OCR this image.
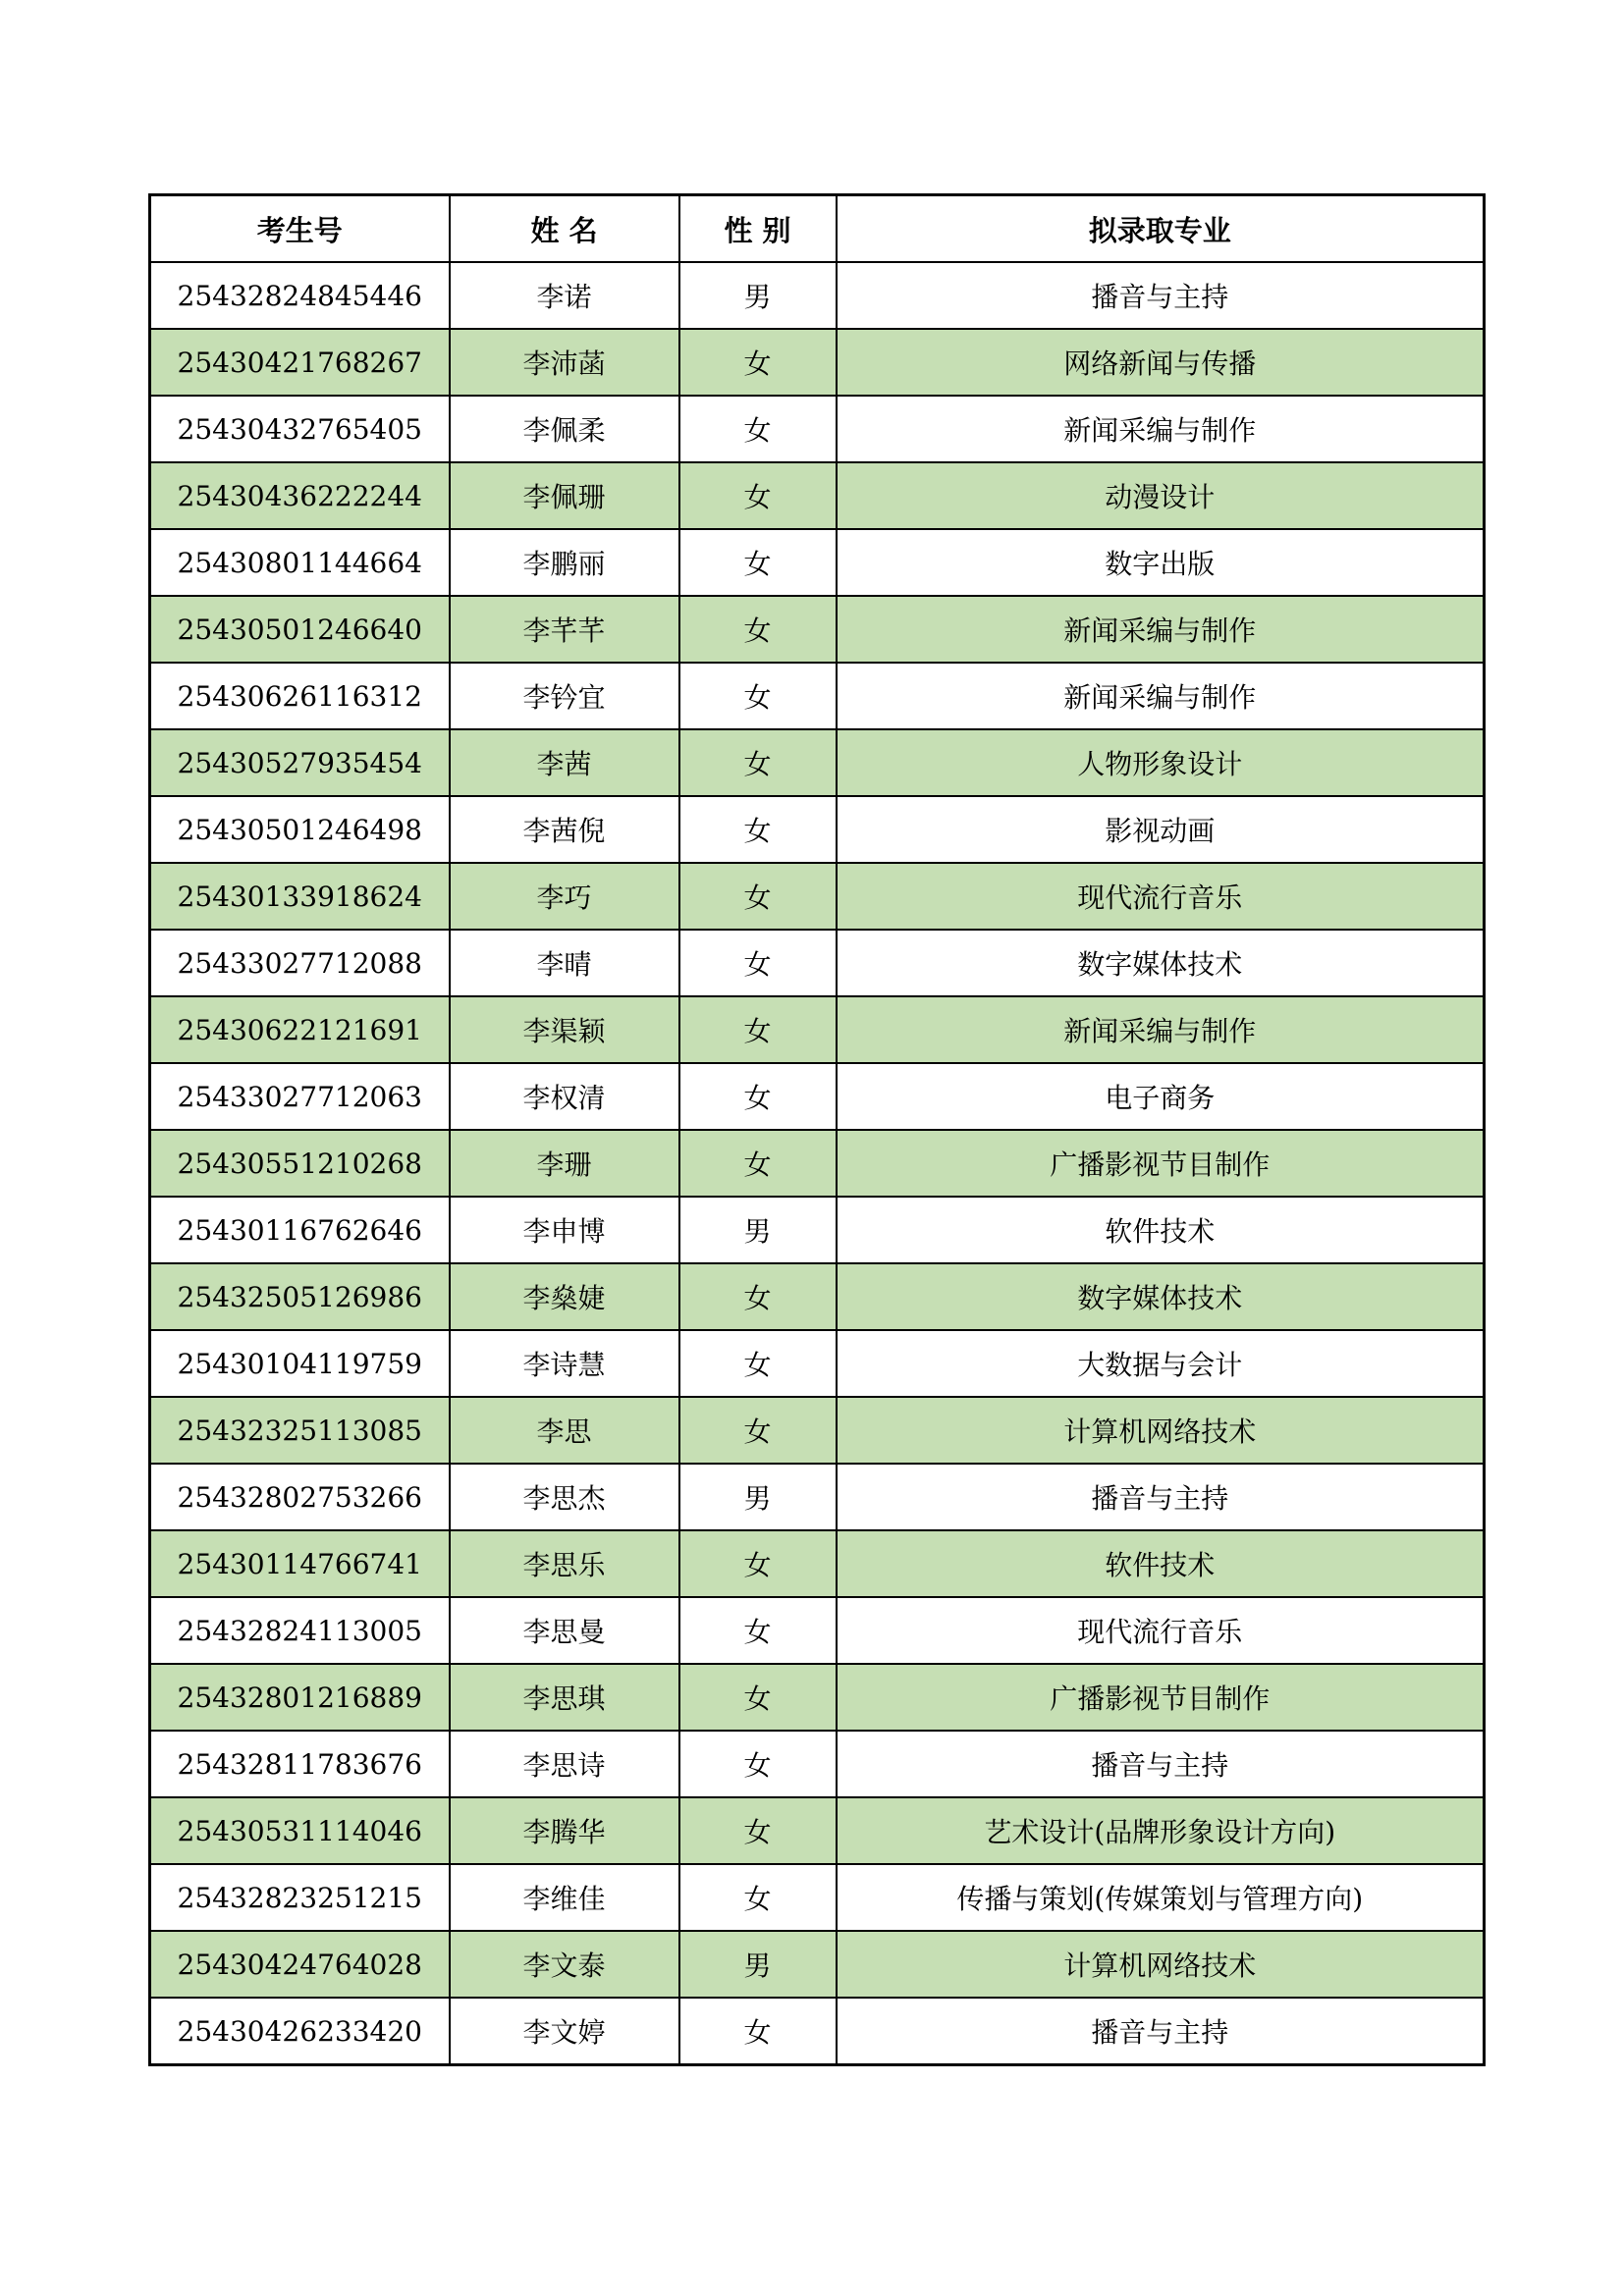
考生号	姓 名	性 别	拟录取专业
25432824845446	李诺	男	播音与主持
25430421768267	李沛菡	女	网络新闻与传播
25430432765405	李佩柔	女	新闻采编与制作
25430436222244	李佩珊	女	动漫设计
25430801144664	李鹏丽	女	数字出版
25430501246640	李芊芊	女	新闻采编与制作
25430626116312	李钤宜	女	新闻采编与制作
25430527935454	李茜	女	人物形象设计
25430501246498	李茜倪	女	影视动画
25430133918624	李巧	女	现代流行音乐
25433027712088	李晴	女	数字媒体技术
25430622121691	李渠颖	女	新闻采编与制作
25433027712063	李权清	女	电子商务
25430551210268	李珊	女	广播影视节目制作
25430116762646	李申博	男	软件技术
25432505126986	李燊婕	女	数字媒体技术
25430104119759	李诗慧	女	大数据与会计
25432325113085	李思	女	计算机网络技术
25432802753266	李思杰	男	播音与主持
25430114766741	李思乐	女	软件技术
25432824113005	李思曼	女	现代流行音乐
25432801216889	李思琪	女	广播影视节目制作
25432811783676	李思诗	女	播音与主持
25430531114046	李腾华	女	艺术设计(品牌形象设计方向)
25432823251215	李维佳	女	传播与策划(传媒策划与管理方向)
25430424764028	李文泰	男	计算机网络技术
25430426233420	李文婷	女	播音与主持
